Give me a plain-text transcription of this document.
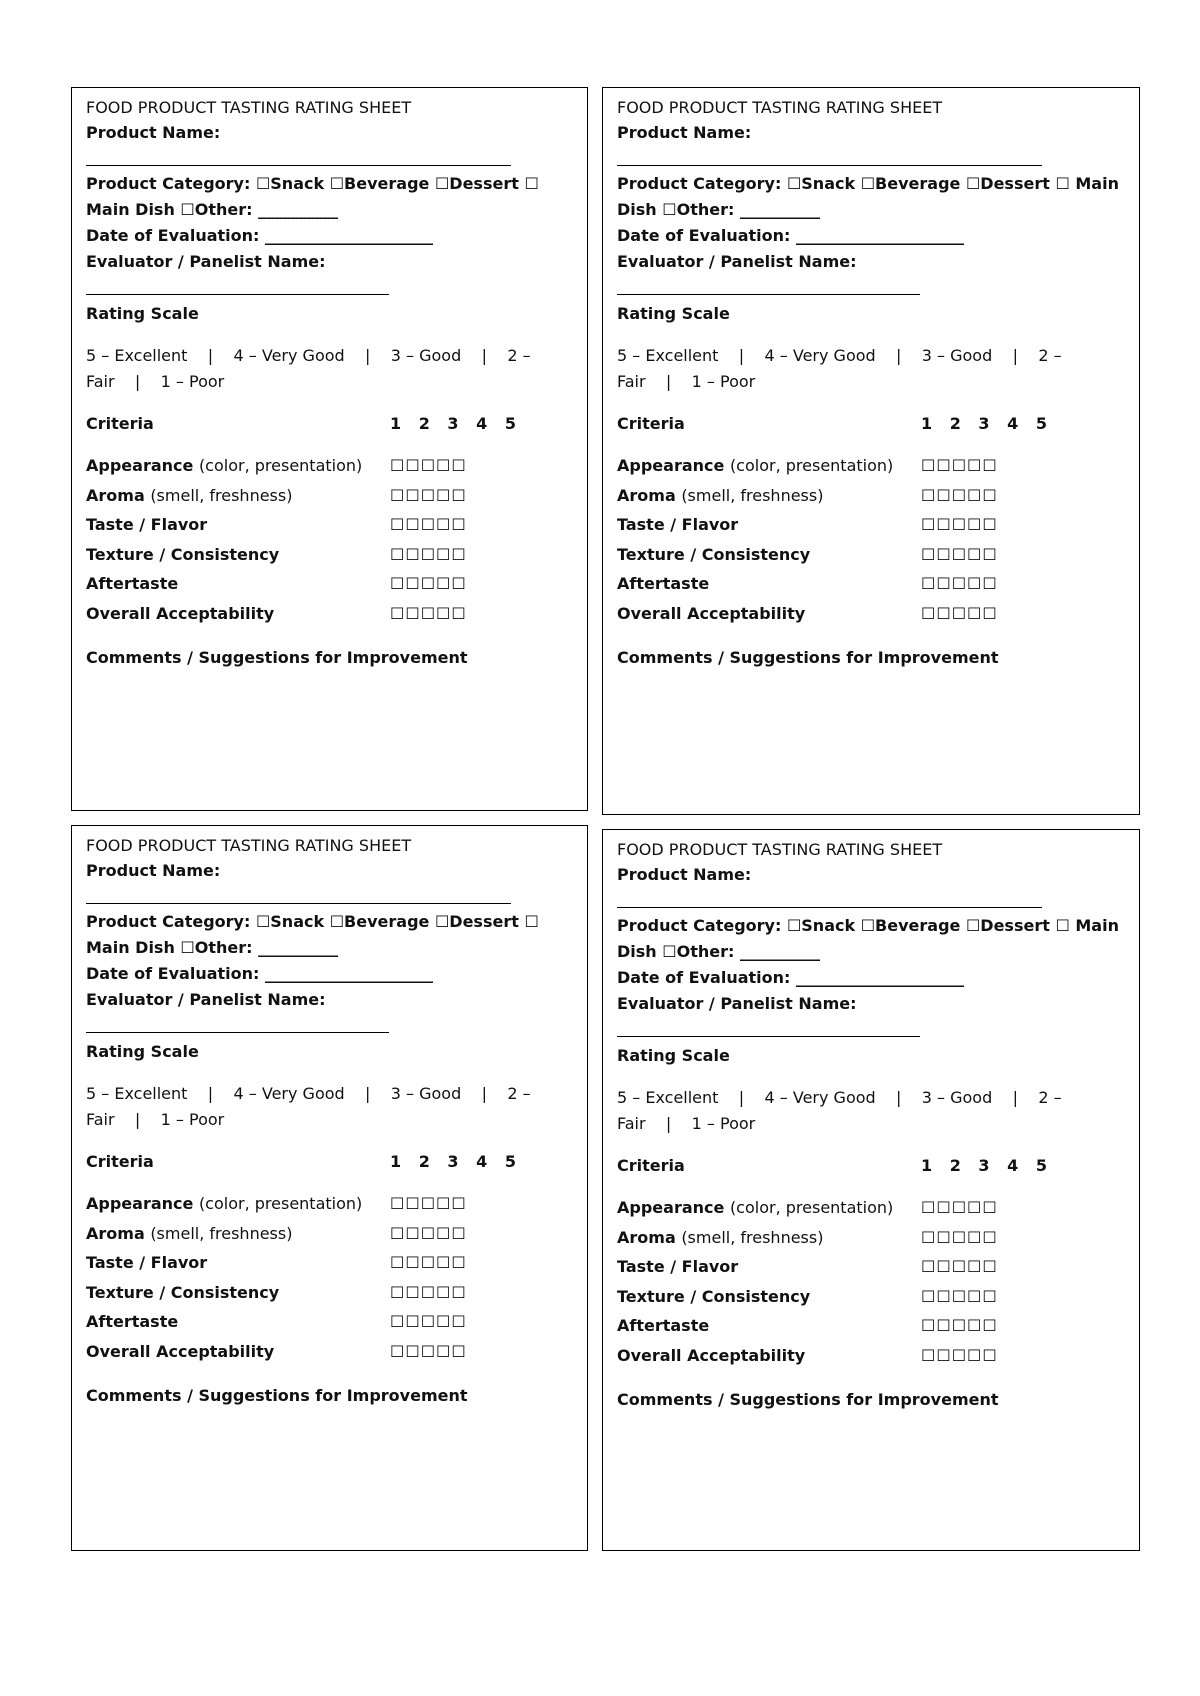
FOOD PRODUCT TASTING RATING SHEET
Product Name:
Product Category: ☐Snack ☐Beverage ☐Dessert ☐
Main Dish ☐Other: __________
Date of Evaluation: _____________________
Evaluator / Panelist Name:
Rating Scale
5 – Excellent    |    4 – Very Good    |    3 – Good    |    2 –
Fair    |    1 – Poor
Criteria	1 2 3 4 5
Appearance (color, presentation) ☐☐☐☐☐
Aroma (smell, freshness)	☐☐☐☐☐
Taste / Flavor	☐☐☐☐☐
Texture / Consistency	☐☐☐☐☐
Aftertaste	☐☐☐☐☐
Overall Acceptability	☐☐☐☐☐
Comments / Suggestions for Improvement
FOOD PRODUCT TASTING RATING SHEET
Product Name:
Product Category: ☐Snack ☐Beverage ☐Dessert ☐ Main
Dish ☐Other: __________
Date of Evaluation: _____________________
Evaluator / Panelist Name:
Rating Scale
5 – Excellent    |    4 – Very Good    |    3 – Good    |    2 –
Fair    |    1 – Poor
Criteria	1 2 3 4 5
Appearance (color, presentation) ☐☐☐☐☐
Aroma (smell, freshness)	☐☐☐☐☐
Taste / Flavor	☐☐☐☐☐
Texture / Consistency	☐☐☐☐☐
Aftertaste	☐☐☐☐☐
Overall Acceptability	☐☐☐☐☐
Comments / Suggestions for Improvement
FOOD PRODUCT TASTING RATING SHEET
Product Name:
Product Category: ☐Snack ☐Beverage ☐Dessert ☐
Main Dish ☐Other: __________
Date of Evaluation: _____________________
Evaluator / Panelist Name:
Rating Scale
5 – Excellent    |    4 – Very Good    |    3 – Good    |    2 –
Fair    |    1 – Poor
Criteria	1 2 3 4 5
Appearance (color, presentation) ☐☐☐☐☐
Aroma (smell, freshness)	☐☐☐☐☐
Taste / Flavor	☐☐☐☐☐
Texture / Consistency	☐☐☐☐☐
Aftertaste	☐☐☐☐☐
Overall Acceptability	☐☐☐☐☐
Comments / Suggestions for Improvement
FOOD PRODUCT TASTING RATING SHEET
Product Name:
Product Category: ☐Snack ☐Beverage ☐Dessert ☐ Main
Dish ☐Other: __________
Date of Evaluation: _____________________
Evaluator / Panelist Name:
Rating Scale
5 – Excellent    |    4 – Very Good    |    3 – Good    |    2 –
Fair    |    1 – Poor
Criteria	1 2 3 4 5
Appearance (color, presentation) ☐☐☐☐☐
Aroma (smell, freshness)	☐☐☐☐☐
Taste / Flavor	☐☐☐☐☐
Texture / Consistency	☐☐☐☐☐
Aftertaste	☐☐☐☐☐
Overall Acceptability	☐☐☐☐☐
Comments / Suggestions for Improvement
